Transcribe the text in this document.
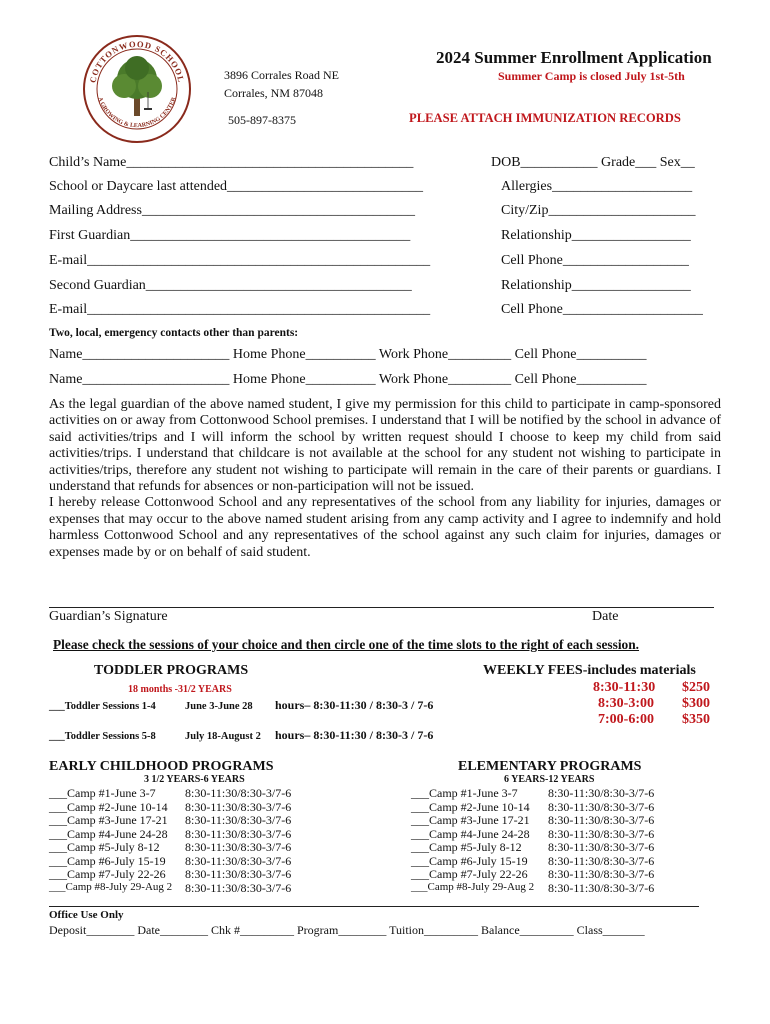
COTTONWOOD SCHOOL
A GROWING & LEARNING CENTER
3896 Corrales Road NE
Corrales, NM 87048
505-897-8375
2024 Summer Enrollment Application
Summer Camp is closed July 1st-5th
PLEASE ATTACH IMMUNIZATION RECORDS
Child’s Name_________________________________________	DOB___________ Grade___ Sex__
School or Daycare last attended____________________________	Allergies____________________
Mailing Address_______________________________________	City/Zip_____________________
First Guardian________________________________________	Relationship_________________
E-mail_________________________________________________	Cell Phone__________________
Second Guardian______________________________________	Relationship_________________
E-mail_________________________________________________	Cell Phone____________________
Two, local, emergency contacts other than parents:
Name_____________________ Home Phone__________ Work Phone_________ Cell Phone__________
Name_____________________ Home Phone__________ Work Phone_________ Cell Phone__________

As the legal guardian of the above named student, I give my permission for this child to participate in camp-sponsored activities on or away from Cottonwood School premises. I understand that I will be notified by the school in advance of said activities/trips and I will inform the school by written request should I choose to keep my child from said activities/trips. I understand that childcare is not available at the school for any student not wishing to participate in activities/trips, therefore any student not wishing to participate will remain in the care of their parents or guardians. I understand that refunds for absences or non-participation will not be issued.

I hereby release Cottonwood School and any representatives of the school from any liability for injuries, damages or expenses that may occur to the above named student arising from any camp activity and I agree to indemnify and hold harmless Cottonwood School and any representatives of the school against any such claim for injuries, damages or expenses made by or on behalf of said student.

Guardian’s Signature	Date
Please check the sessions of your choice and then circle one of the time slots to the right of each session.
TODDLER PROGRAMS
18 months -31/2 YEARS
___Toddler Sessions 1-4	June 3-June 28 hours– 8:30-11:30 / 8:30-3 / 7-6
___Toddler Sessions 5-8	July 18-August 2 hours– 8:30-11:30 / 8:30-3 / 7-6
WEEKLY FEES-includes materials
8:30-11:30 $250
8:30-3:00 $300
7:00-6:00 $350
EARLY CHILDHOOD PROGRAMS
3 1/2 YEARS-6 YEARS
___Camp #1-June 3-7 8:30-11:30/8:30-3/7-6
___Camp #2-June 10-14 8:30-11:30/8:30-3/7-6
___Camp #3-June 17-21 8:30-11:30/8:30-3/7-6
___Camp #4-June 24-28 8:30-11:30/8:30-3/7-6
___Camp #5-July 8-12 8:30-11:30/8:30-3/7-6
___Camp #6-July 15-19 8:30-11:30/8:30-3/7-6
___Camp #7-July 22-26 8:30-11:30/8:30-3/7-6
___Camp #8-July 29-Aug 2 8:30-11:30/8:30-3/7-6
ELEMENTARY PROGRAMS
6 YEARS-12 YEARS
___Camp #1-June 3-7	8:30-11:30/8:30-3/7-6
___Camp #2-June 10-14 8:30-11:30/8:30-3/7-6
___Camp #3-June 17-21 8:30-11:30/8:30-3/7-6
___Camp #4-June 24-28 8:30-11:30/8:30-3/7-6
___Camp #5-July 8-12 8:30-11:30/8:30-3/7-6
___Camp #6-July 15-19 8:30-11:30/8:30-3/7-6
___Camp #7-July 22-26 8:30-11:30/8:30-3/7-6
___Camp #8-July 29-Aug 2 8:30-11:30/8:30-3/7-6
Office Use Only
Deposit________ Date________ Chk #_________ Program________ Tuition_________ Balance_________ Class_______
